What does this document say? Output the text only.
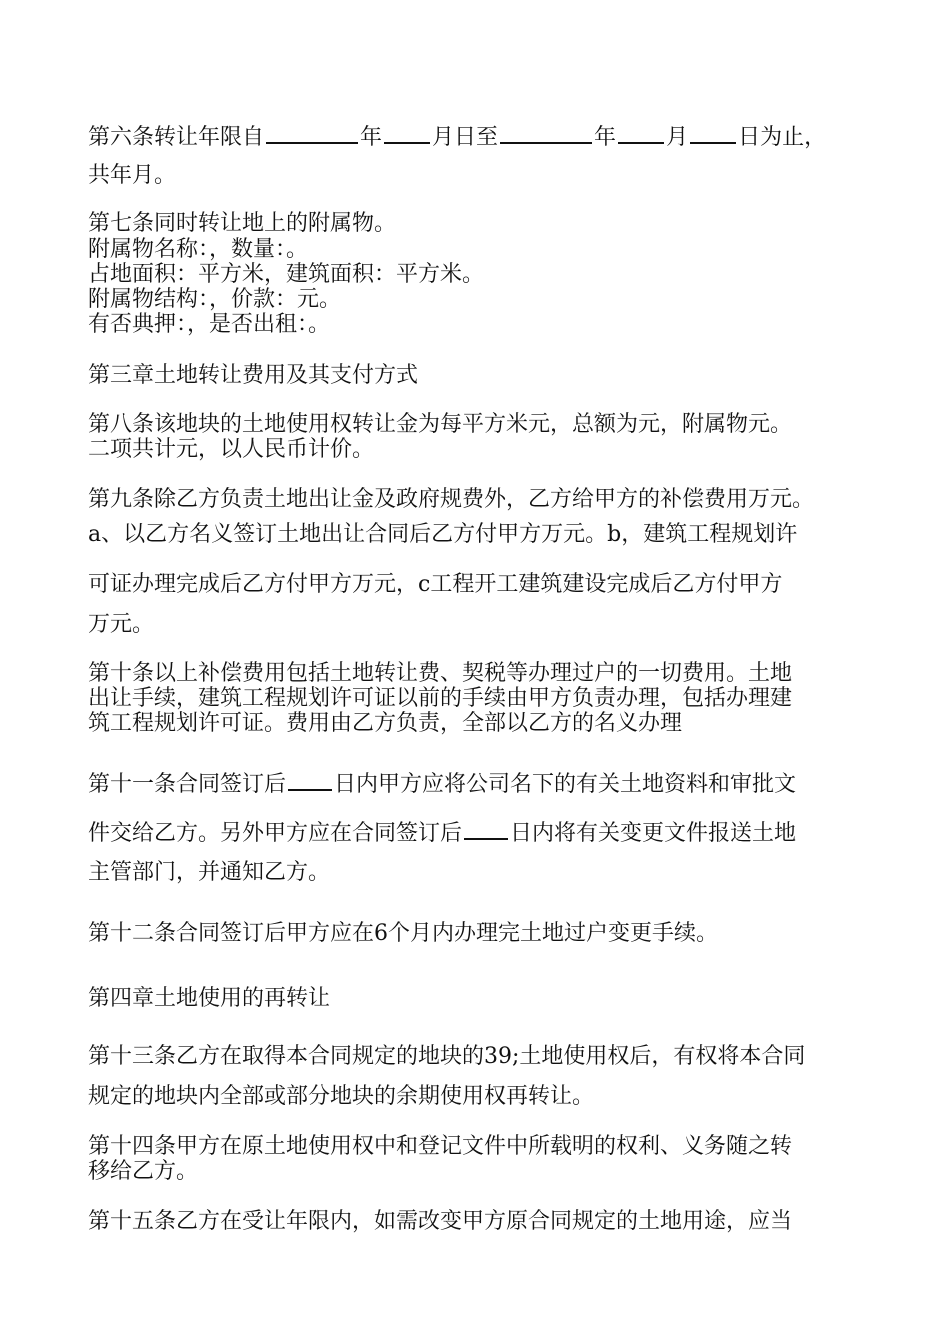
第六条转让年限自	年 月日至	年 月 日为止，

共年月。

第七条同时转让地上的附属物。

附属物名称：，数量：。

占地面积：平方米，建筑面积：平方米。

附属物结构：，价款：元。

有否典押：，是否出租：。

第三章土地转让费用及其支付方式

第八条该地块的土地使用权转让金为每平方米元，总额为元，附属物元。

二项共计元，以人民币计价。

第九条除乙方负责土地出让金及政府规费外，乙方给甲方的补偿费用万元。

a、以乙方名义签订土地出让合同后乙方付甲方万元。b，建筑工程规划许

可证办理完成后乙方付甲方万元，c工程开工建筑建设完成后乙方付甲方

万元。

第十条以上补偿费用包括土地转让费、契税等办理过户的一切费用。土地

出让手续，建筑工程规划许可证以前的手续由甲方负责办理，包括办理建

筑工程规划许可证。费用由乙方负责，全部以乙方的名义办理

第十一条合同签订后 日内甲方应将公司名下的有关土地资料和审批文

件交给乙方。另外甲方应在合同签订后 日内将有关变更文件报送土地

主管部门，并通知乙方。

第十二条合同签订后甲方应在6个月内办理完土地过户变更手续。

第四章土地使用的再转让

第十三条乙方在取得本合同规定的地块的39;土地使用权后，有权将本合同

规定的地块内全部或部分地块的余期使用权再转让。

第十四条甲方在原土地使用权中和登记文件中所载明的权利、义务随之转

移给乙方。

第十五条乙方在受让年限内，如需改变甲方原合同规定的土地用途，应当
